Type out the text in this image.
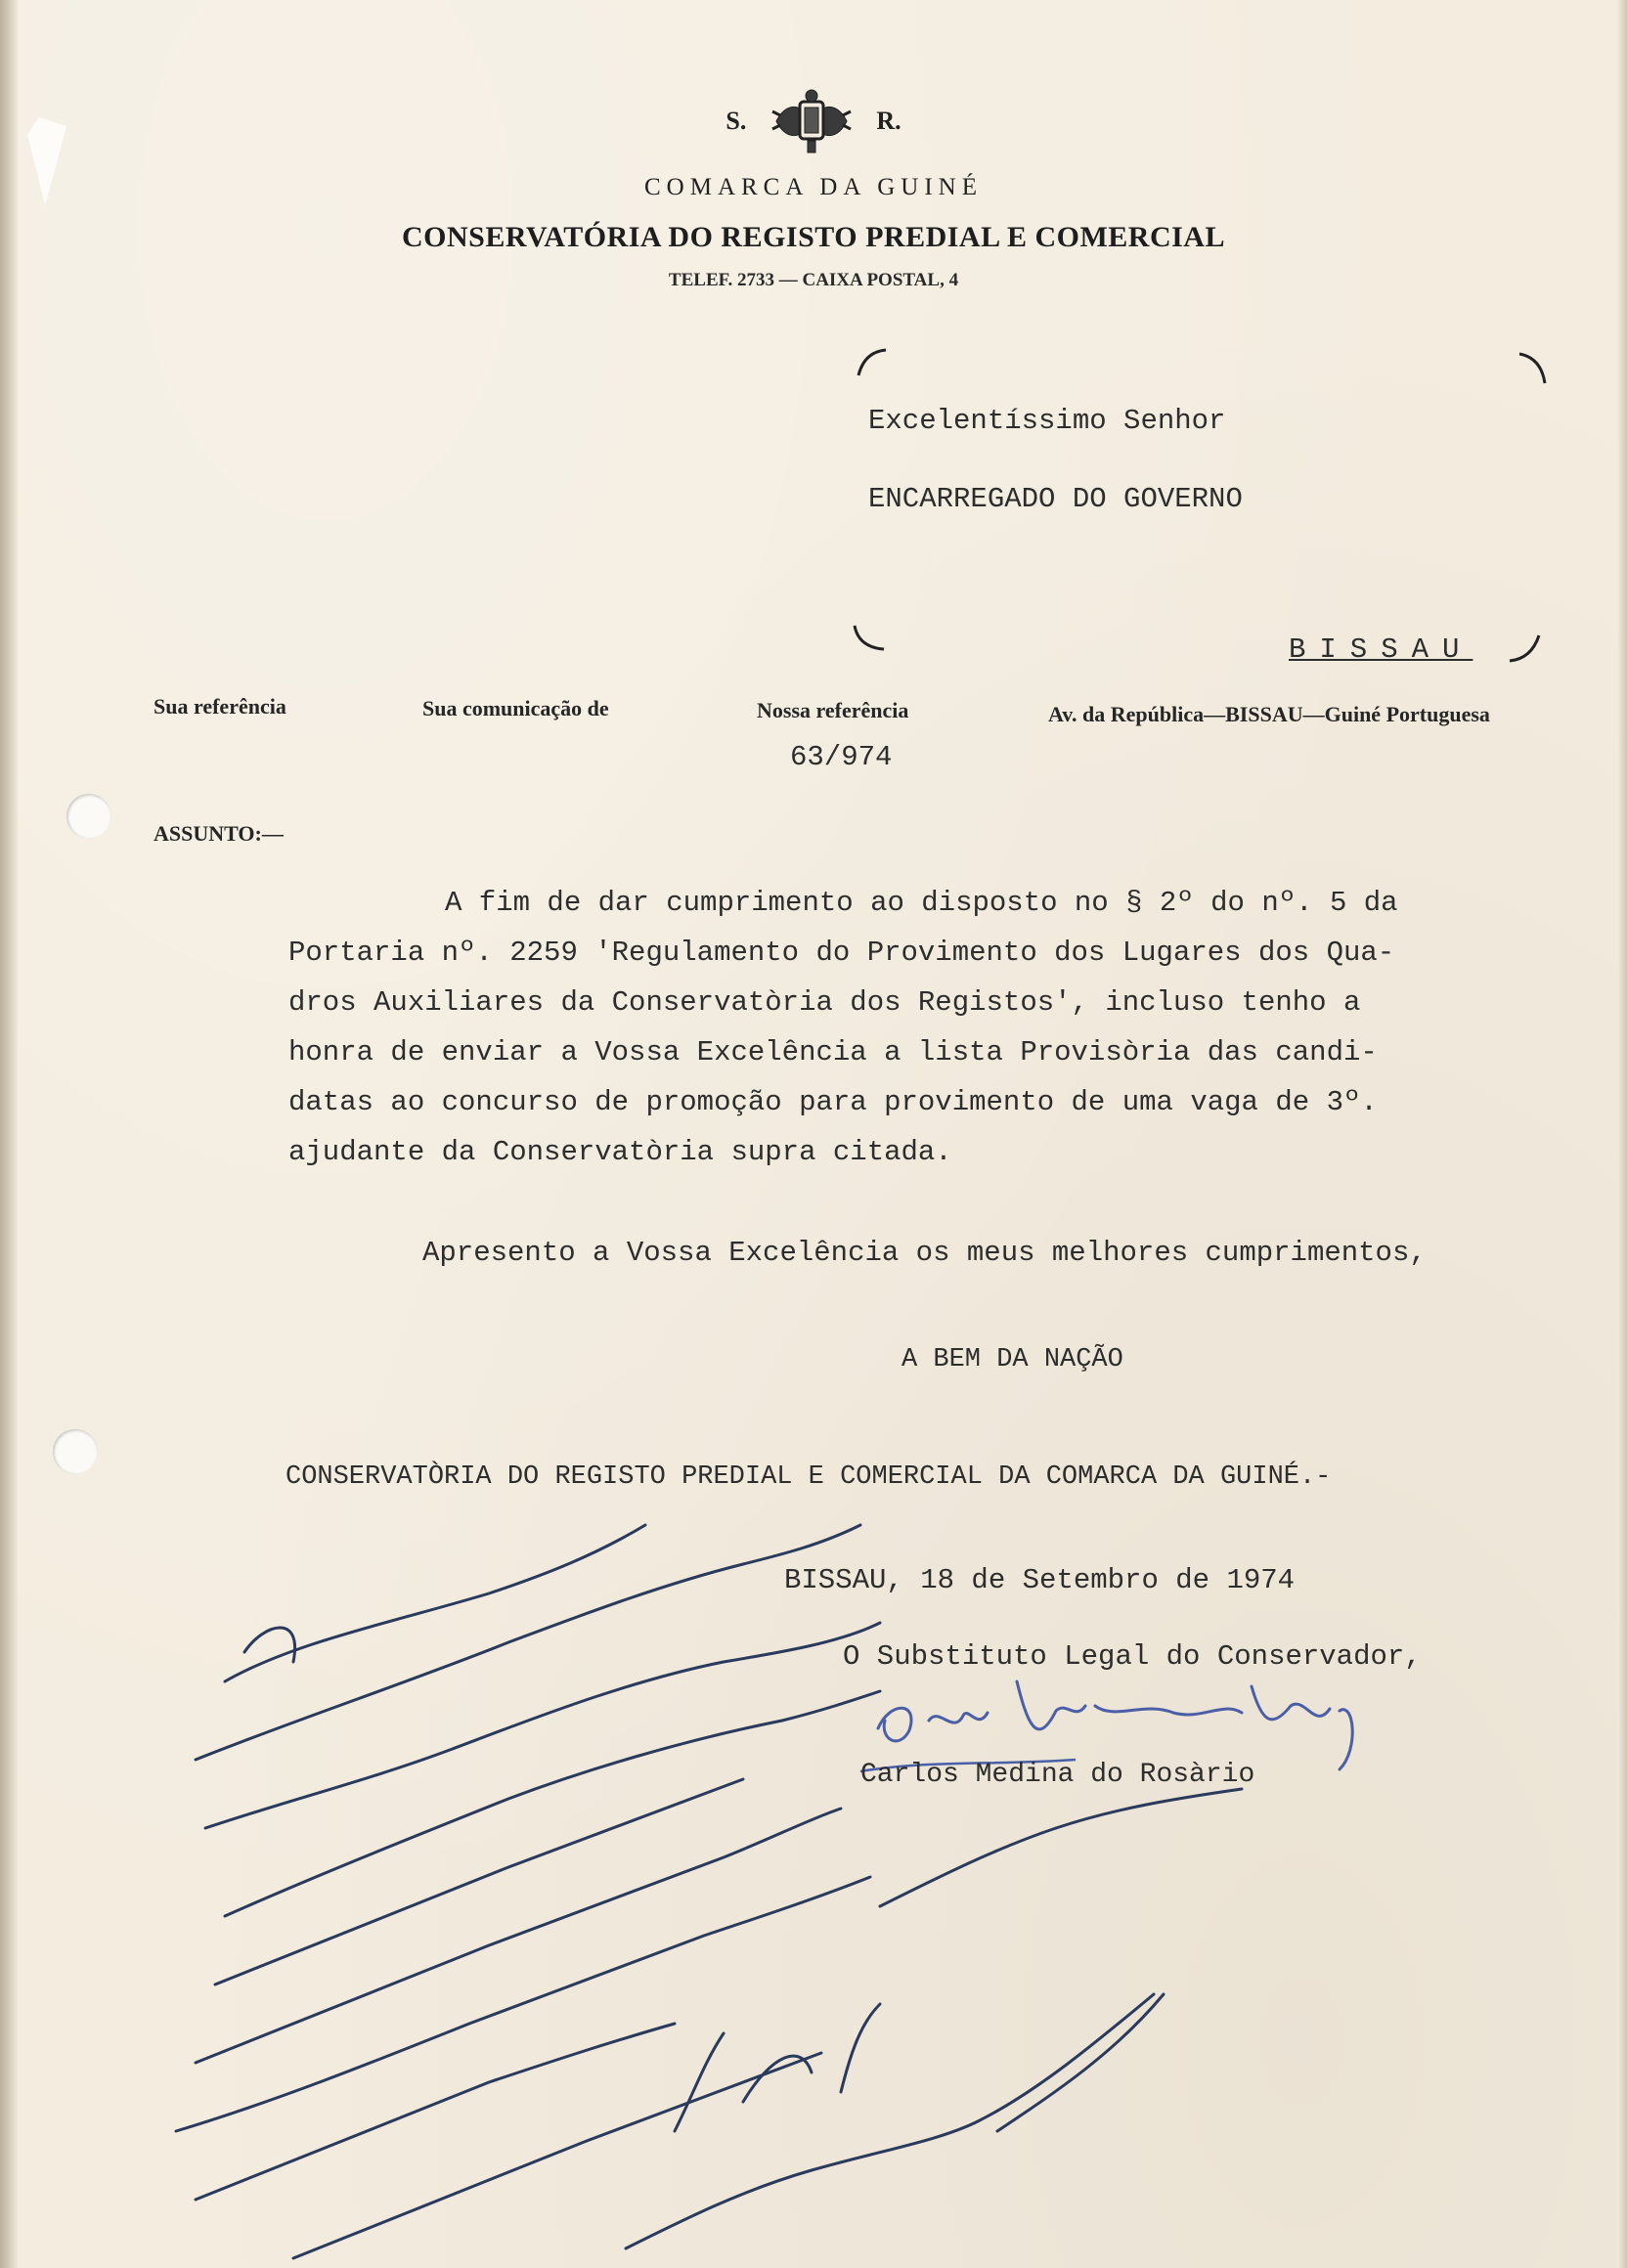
S.	R.
COMARCA DA GUINÉ
CONSERVATÓRIA DO REGISTO PREDIAL E COMERCIAL
TELEF. 2733 — CAIXA POSTAL, 4
Excelentíssimo Senhor
ENCARREGADO DO GOVERNO
BISSAU
Sua referência	Sua comunicação de	Nossa referência	Av. da República—BISSAU—Guiné Portuguesa
63/974
ASSUNTO:—
A fim de dar cumprimento ao disposto no § 2º do nº. 5 da
Portaria nº. 2259 'Regulamento do Provimento dos Lugares dos Qua-
dros Auxiliares da Conservatòria dos Registos', incluso tenho a
honra de enviar a Vossa Excelência a lista Provisòria das candi-
datas ao concurso de promoção para provimento de uma vaga de 3º.
ajudante da Conservatòria supra citada.
Apresento a Vossa Excelência os meus melhores cumprimentos,
A BEM DA NAÇÃO
CONSERVATÒRIA DO REGISTO PREDIAL E COMERCIAL DA COMARCA DA GUINÉ.-
BISSAU, 18 de Setembro de 1974
O Substituto Legal do Conservador,
Carlos Medina do Rosàrio
